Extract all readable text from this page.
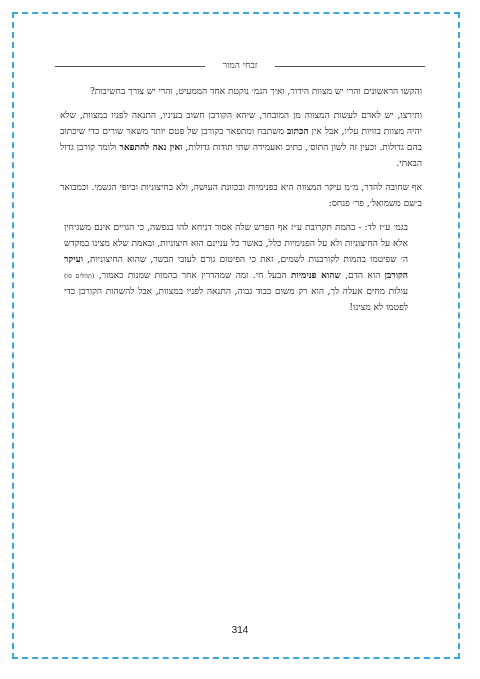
זבחי המור

והקשו הראשונים והרי יש מצוות הידור, ואיך הגמ׳ נוקטת אחד הממעיט, והרי יש צורך בחשיבות?

ותירצו, יש לאדם לעשות המצווה מן המובחר, שיהא הקורבן חשוב בעיניו, התנאה לפניו במצוות, שלא יהיה מצוות בזויות עליו, אבל אין הכתוב משתבח ומתפאר בקורבן של פטם יותר משאר שורים כדי שיכתוב בהם גדולות. וכעין זה לשון התוס׳, כתיב ואעמידה שתי תודות גדולות, ואין נאה להתפאר ולומר קורבן גדול הבאתי.

אף שחובה להדר, מ״מ עיקר המצווה היא בפנימיות ובכוונת העושה, ולא בחיצוניות וביופי הגשמי. וכמבואר ב׳שם משמואל׳, פר׳ פנחס:

בגמ׳ ע״ז לד: - בהמת תקרובת ע״ז אף הפרש שלה אסור דניחא להו בנפשה, כי הגויים אינם משגיחין אלא על החיצוניות ולא על הפנימיות כלל, באשר כל עניינם הוא חיצוניות, ובאמת שלא מצינו במקדש ה׳ שפיטמו בהמות לקורבנות לשמים, זאת כי הפיטום גורם לעובי הבשר, שהוא החיצוניות, ועיקר הקורבן הוא הדם, שהוא פנימיות הבעל חי. ומה שמהדרין אחר בהמות שמנות כאמור, (תהלים סו) עולות מחים אעלה לך, הוא רק משום כבוד גבוה, התנאה לפניו במצוות, אבל להשהות הקורבן כדי לפטמו לא מצינו!

314
